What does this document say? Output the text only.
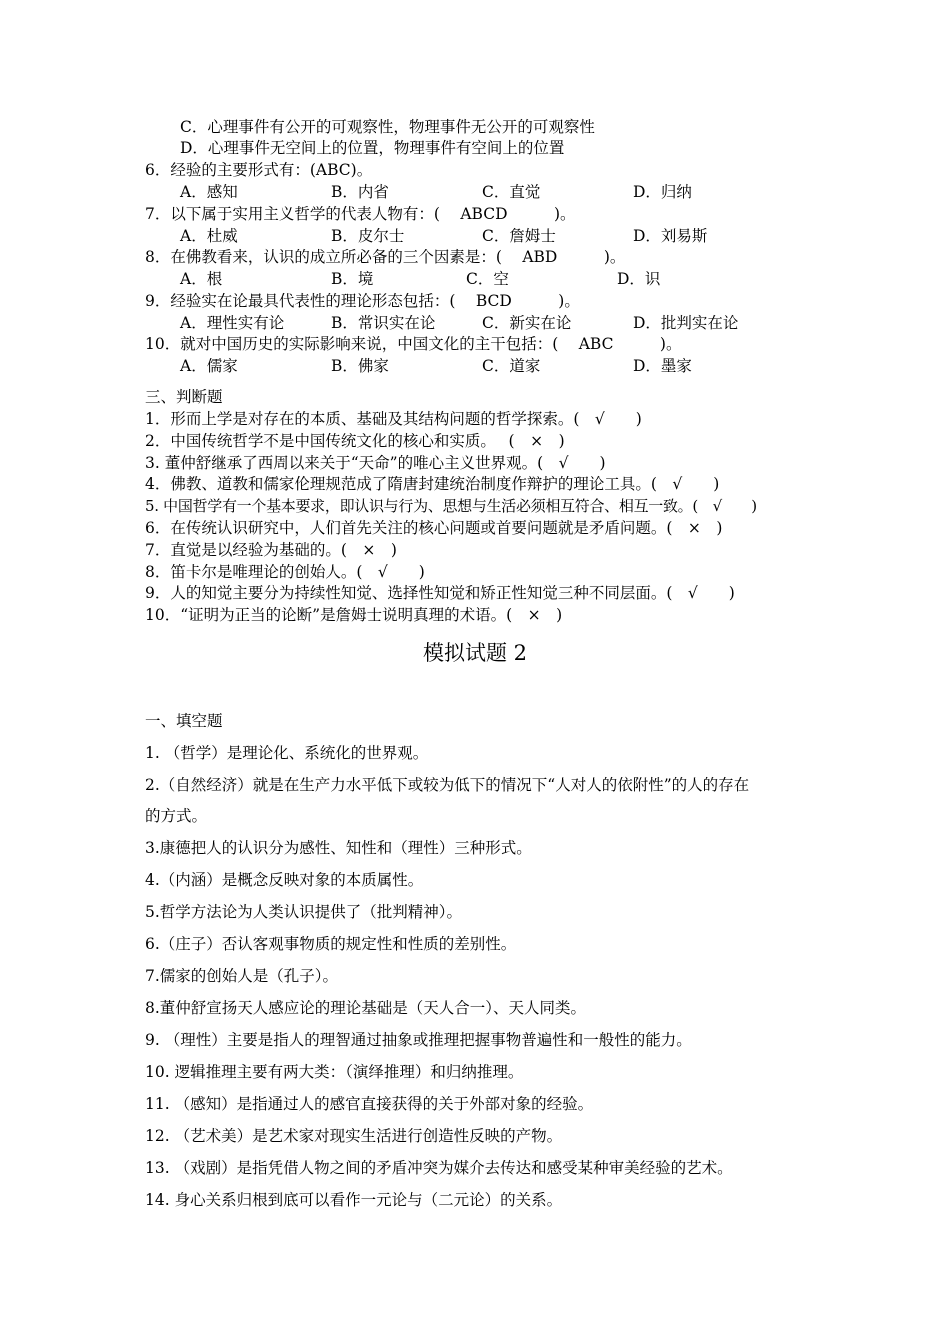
C．心理事件有公开的可观察性，物理事件无公开的可观察性
D．心理事件无空间上的位置，物理事件有空间上的位置
6．经验的主要形式有：(ABC)。
A．感知	B．内省	C．直觉	D．归纳
7．以下属于实用主义哲学的代表人物有：(　 ABCD　　　)。
A．杜威	B．皮尔士	C．詹姆士	D．刘易斯
8．在佛教看来，认识的成立所必备的三个因素是：(　 ABD　　　)。
A．根	B．境	C．空	D．识
9．经验实在论最具代表性的理论形态包括：(　 BCD　　　)。
A．理性实有论	B．常识实在论	C．新实在论	D．批判实在论
10．就对中国历史的实际影响来说，中国文化的主干包括：(　 ABC　　　)。
A．儒家	B．佛家	C．道家	D．墨家
三、判断题
1．形而上学是对存在的本质、基础及其结构问题的哲学探索。(　√　　)
2．中国传统哲学不是中国传统文化的核心和实质。　 (　×　)
3. 董仲舒继承了西周以来关于“天命”的唯心主义世界观。(　√　　)
4．佛教、道教和儒家伦理规范成了隋唐封建统治制度作辩护的理论工具。(　√　　)
5. 中国哲学有一个基本要求，即认识与行为、思想与生活必须相互符合、相互一致。(　√　　)
6．在传统认识研究中，人们首先关注的核心问题或首要问题就是矛盾问题。(　×　)
7．直觉是以经验为基础的。(　×　)
8．笛卡尔是唯理论的创始人。(　√　　)
9．人的知觉主要分为持续性知觉、选择性知觉和矫正性知觉三种不同层面。(　√　　)
10．“证明为正当的论断”是詹姆士说明真理的术语。(　×　)
模拟试题 2
一、填空题
1. （哲学）是理论化、系统化的世界观。
2.（自然经济）就是在生产力水平低下或较为低下的情况下“人对人的依附性”的人的存在
的方式。
3.康德把人的认识分为感性、知性和（理性）三种形式。
4.（内涵）是概念反映对象的本质属性。
5.哲学方法论为人类认识提供了（批判精神）。
6.（庄子）否认客观事物质的规定性和性质的差别性。
7.儒家的创始人是（孔子）。
8.董仲舒宣扬天人感应论的理论基础是（天人合一）、天人同类。
9. （理性）主要是指人的理智通过抽象或推理把握事物普遍性和一般性的能力。
10. 逻辑推理主要有两大类：（演绎推理）和归纳推理。
11. （感知）是指通过人的感官直接获得的关于外部对象的经验。
12. （艺术美）是艺术家对现实生活进行创造性反映的产物。
13. （戏剧）是指凭借人物之间的矛盾冲突为媒介去传达和感受某种审美经验的艺术。
14. 身心关系归根到底可以看作一元论与（二元论）的关系。
